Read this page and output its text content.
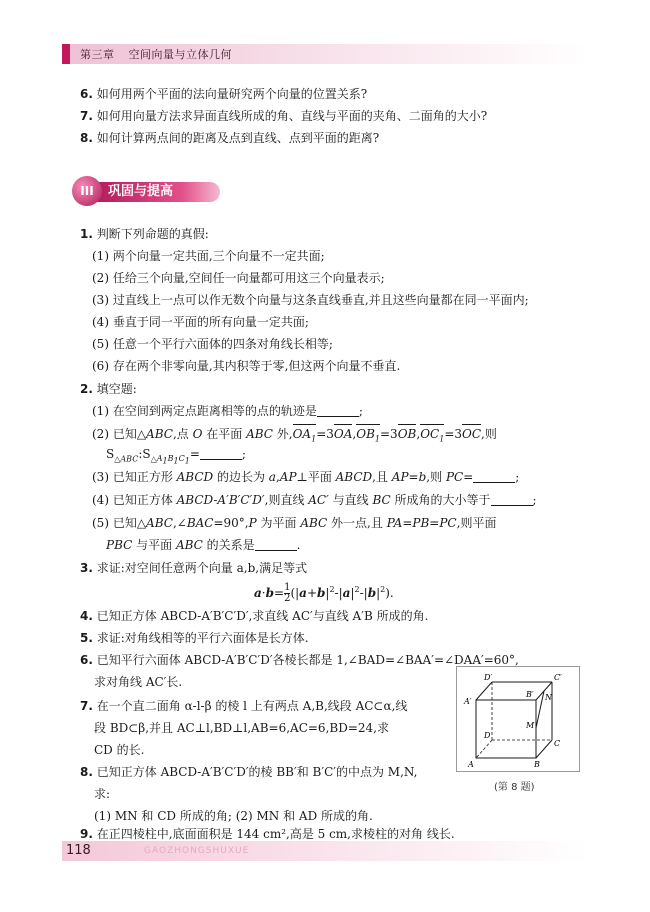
第三章 空间向量与立体几何
6. 如何用两个平面的法向量研究两个向量的位置关系?
7. 如何用向量方法求异面直线所成的角、直线与平面的夹角、二面角的大小?
8. 如何计算两点间的距离及点到直线、点到平面的距离?
巩固与提高
III
1. 判断下列命题的真假:
(1) 两个向量一定共面,三个向量不一定共面;
(2) 任给三个向量,空间任一向量都可用这三个向量表示;
(3) 过直线上一点可以作无数个向量与这条直线垂直,并且这些向量都在同一平面内;
(4) 垂直于同一平面的所有向量一定共面;
(5) 任意一个平行六面体的四条对角线长相等;
(6) 存在两个非零向量,其内积等于零,但这两个向量不垂直.
2. 填空题:
(1) 在空间到两定点距离相等的点的轨迹是	;
(2) 已知△ABC,点 O 在平面 ABC 外$,OA_1=3OA,OB_1=3OB,OC_1=3OC$,则
$S_{\triangle ABC}:S_{\triangle A_1B_1C_1}=$	;
(3) 已知正方形 ABCD 的边长为 a,AP⊥平面 ABCD,且 AP=b,则 PC=	;
(4) 已知正方体 ABCD-A′B′C′D′,则直线 AC′ 与直线 BC 所成角的大小等于	;
(5) 已知△ABC,∠BAC=90°,P 为平面 ABC 外一点,且 PA=PB=PC,则平面
PBC 与平面 ABC 的关系是	.
3. 求证:对空间任意两个向量 a,b,满足等式
$a\cdot b= \frac{1}{2}(|a+b|^2-|a|^2-|b|^2)$.
4. 已知正方体 ABCD-A′B′C′D′,求直线 AC′与直线 A′B 所成的角.
5. 求证:对角线相等的平行六面体是长方体.
6. 已知平行六面体 ABCD-A′B′C′D′各棱长都是 1,∠BAD=∠BAA′=∠DAA′=60°,
求对角线 AC′长.
7. 在一个直二面角 α-l-β 的棱 l 上有两点 A,B,线段 AC⊂α,线
段 BD⊂β,并且 AC⊥l,BD⊥l,AB=6,AC=6,BD=24,求
CD 的长.
8. 已知正方体 ABCD-A′B′C′D′的棱 BB′和 B′C′的中点为 M,N,
求:
(1) MN 和 CD 所成的角; (2) MN 和 AD 所成的角.
9. 在正四棱柱中,底面面积是 144 cm²,高是 5 cm,求棱柱的对角 线长.
D′	C′
B′ N
A′
D
M
C
A	B
(第 8 题)
118	GAOZHONGSHUXUE
